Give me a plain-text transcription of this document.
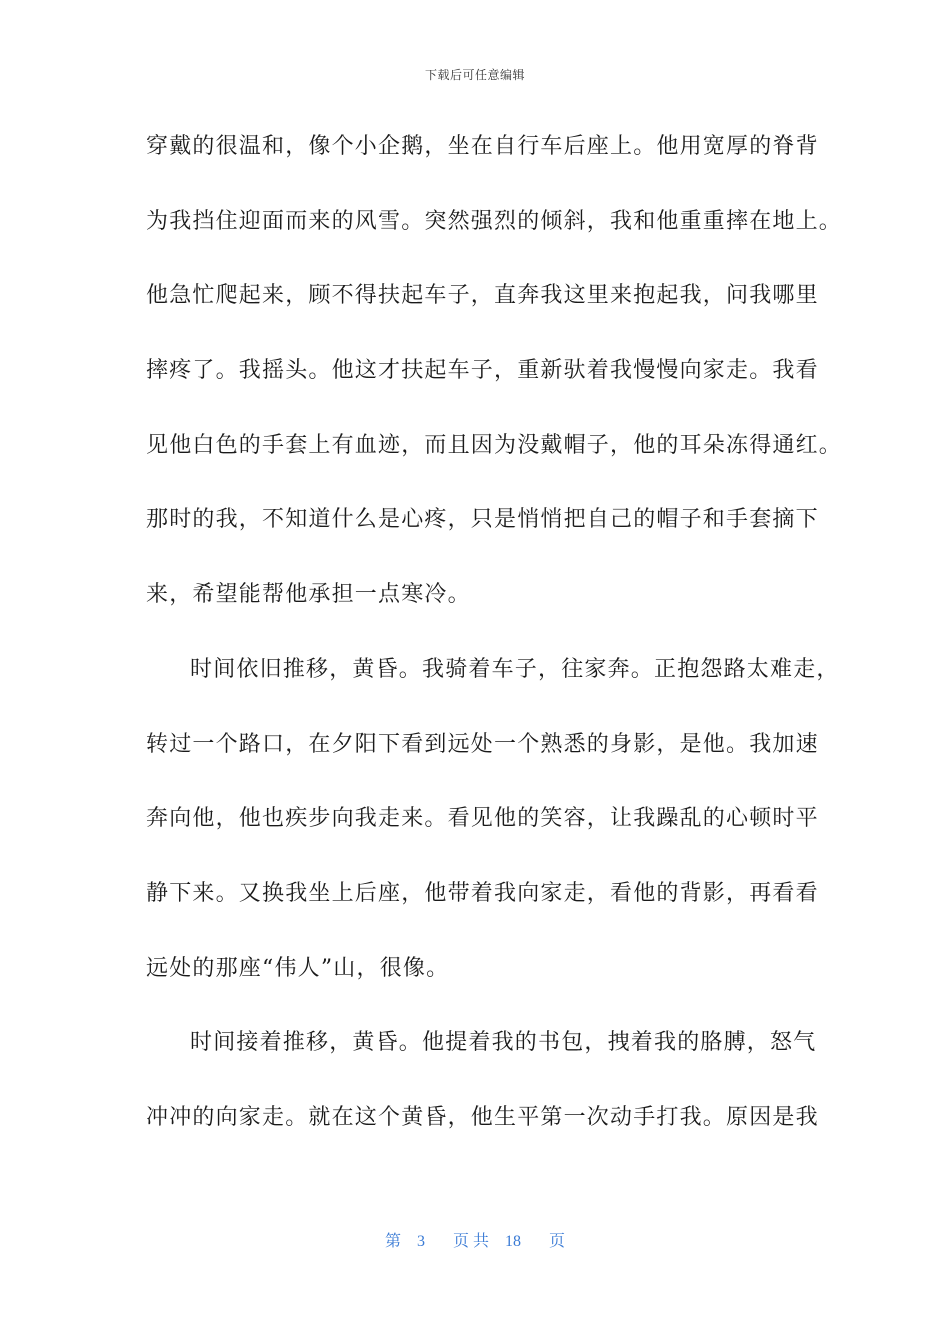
下载后可任意编辑
穿戴的很温和，像个小企鹅，坐在自行车后座上。他用宽厚的脊背
为我挡住迎面而来的风雪。突然强烈的倾斜，我和他重重摔在地上。
他急忙爬起来，顾不得扶起车子，直奔我这里来抱起我，问我哪里
摔疼了。我摇头。他这才扶起车子，重新驮着我慢慢向家走。我看
见他白色的手套上有血迹，而且因为没戴帽子，他的耳朵冻得通红。
那时的我，不知道什么是心疼，只是悄悄把自己的帽子和手套摘下
来，希望能帮他承担一点寒冷。
时间依旧推移，黄昏。我骑着车子，往家奔。正抱怨路太难走，
转过一个路口，在夕阳下看到远处一个熟悉的身影，是他。我加速
奔向他，他也疾步向我走来。看见他的笑容，让我躁乱的心顿时平
静下来。又换我坐上后座，他带着我向家走，看他的背影，再看看
远处的那座“伟人”山，很像。
时间接着推移，黄昏。他提着我的书包，拽着我的胳膊，怒气
冲冲的向家走。就在这个黄昏，他生平第一次动手打我。原因是我
第 3 页 共 18 页
